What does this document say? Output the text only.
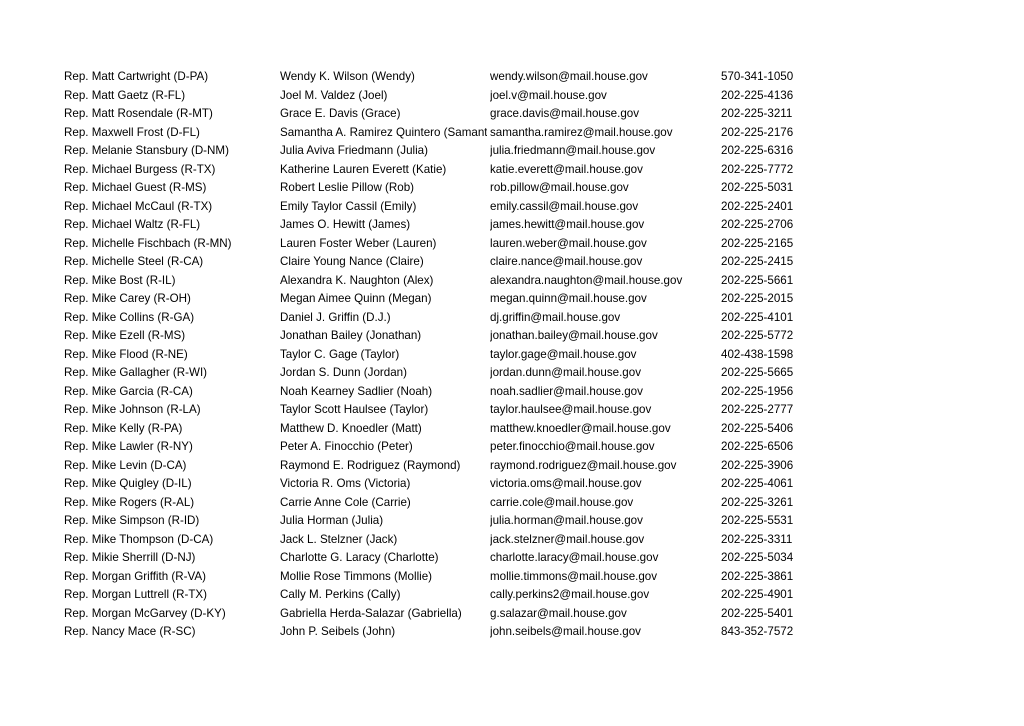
Rep. Matt Cartwright (D-PA)	Wendy K. Wilson (Wendy)	wendy.wilson@mail.house.gov	570-341-1050
Rep. Matt Gaetz (R-FL)	Joel M. Valdez (Joel)	joel.v@mail.house.gov	202-225-4136
Rep. Matt Rosendale (R-MT)	Grace E. Davis (Grace)	grace.davis@mail.house.gov	202-225-3211
Rep. Maxwell Frost (D-FL)	Samantha A. Ramirez Quintero (Samant samantha.ramirez@mail.house.gov	202-225-2176
Rep. Melanie Stansbury (D-NM)	Julia Aviva Friedmann (Julia)	julia.friedmann@mail.house.gov	202-225-6316
Rep. Michael Burgess (R-TX)	Katherine Lauren Everett (Katie)	katie.everett@mail.house.gov	202-225-7772
Rep. Michael Guest (R-MS)	Robert Leslie Pillow (Rob)	rob.pillow@mail.house.gov	202-225-5031
Rep. Michael McCaul (R-TX)	Emily Taylor Cassil (Emily)	emily.cassil@mail.house.gov	202-225-2401
Rep. Michael Waltz (R-FL)	James O. Hewitt (James)	james.hewitt@mail.house.gov	202-225-2706
Rep. Michelle Fischbach (R-MN)	Lauren Foster Weber (Lauren)	lauren.weber@mail.house.gov	202-225-2165
Rep. Michelle Steel (R-CA)	Claire Young Nance (Claire)	claire.nance@mail.house.gov	202-225-2415
Rep. Mike Bost (R-IL)	Alexandra K. Naughton (Alex)	alexandra.naughton@mail.house.gov	202-225-5661
Rep. Mike Carey (R-OH)	Megan Aimee Quinn (Megan)	megan.quinn@mail.house.gov	202-225-2015
Rep. Mike Collins (R-GA)	Daniel J. Griffin (D.J.)	dj.griffin@mail.house.gov	202-225-4101
Rep. Mike Ezell (R-MS)	Jonathan Bailey (Jonathan)	jonathan.bailey@mail.house.gov	202-225-5772
Rep. Mike Flood (R-NE)	Taylor C. Gage (Taylor)	taylor.gage@mail.house.gov	402-438-1598
Rep. Mike Gallagher (R-WI)	Jordan S. Dunn (Jordan)	jordan.dunn@mail.house.gov	202-225-5665
Rep. Mike Garcia (R-CA)	Noah Kearney Sadlier (Noah)	noah.sadlier@mail.house.gov	202-225-1956
Rep. Mike Johnson (R-LA)	Taylor Scott Haulsee (Taylor)	taylor.haulsee@mail.house.gov	202-225-2777
Rep. Mike Kelly (R-PA)	Matthew D. Knoedler (Matt)	matthew.knoedler@mail.house.gov	202-225-5406
Rep. Mike Lawler (R-NY)	Peter A. Finocchio (Peter)	peter.finocchio@mail.house.gov	202-225-6506
Rep. Mike Levin (D-CA)	Raymond E. Rodriguez (Raymond)	raymond.rodriguez@mail.house.gov	202-225-3906
Rep. Mike Quigley (D-IL)	Victoria R. Oms (Victoria)	victoria.oms@mail.house.gov	202-225-4061
Rep. Mike Rogers (R-AL)	Carrie Anne Cole (Carrie)	carrie.cole@mail.house.gov	202-225-3261
Rep. Mike Simpson (R-ID)	Julia Horman (Julia)	julia.horman@mail.house.gov	202-225-5531
Rep. Mike Thompson (D-CA)	Jack L. Stelzner (Jack)	jack.stelzner@mail.house.gov	202-225-3311
Rep. Mikie Sherrill (D-NJ)	Charlotte G. Laracy (Charlotte)	charlotte.laracy@mail.house.gov	202-225-5034
Rep. Morgan Griffith (R-VA)	Mollie Rose Timmons (Mollie)	mollie.timmons@mail.house.gov	202-225-3861
Rep. Morgan Luttrell (R-TX)	Cally M. Perkins (Cally)	cally.perkins2@mail.house.gov	202-225-4901
Rep. Morgan McGarvey (D-KY)	Gabriella Herda-Salazar (Gabriella)	g.salazar@mail.house.gov	202-225-5401
Rep. Nancy Mace (R-SC)	John P. Seibels (John)	john.seibels@mail.house.gov	843-352-7572
